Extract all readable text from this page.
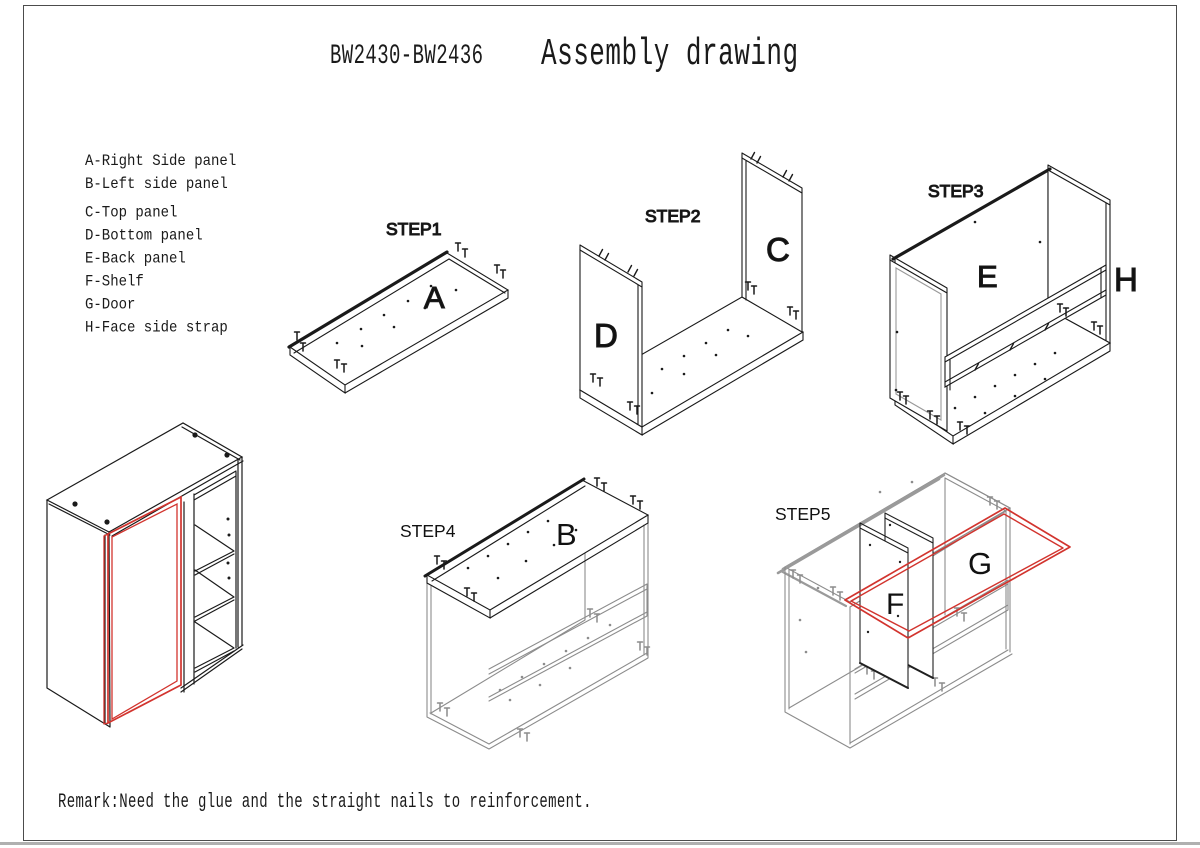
BW2430-BW2436 Assembly drawing
A-Right Side panel
B-Left side panel
C-Top panel
D-Bottom panel
E-Back panel
F-Shelf
G-Door
H-Face side strap
Remark:Need the glue and the straight nails to reinforcement.
STEP1
A
STEP2
D
C
STEP3
E	H
STEP4	B
STEP5
F
G
